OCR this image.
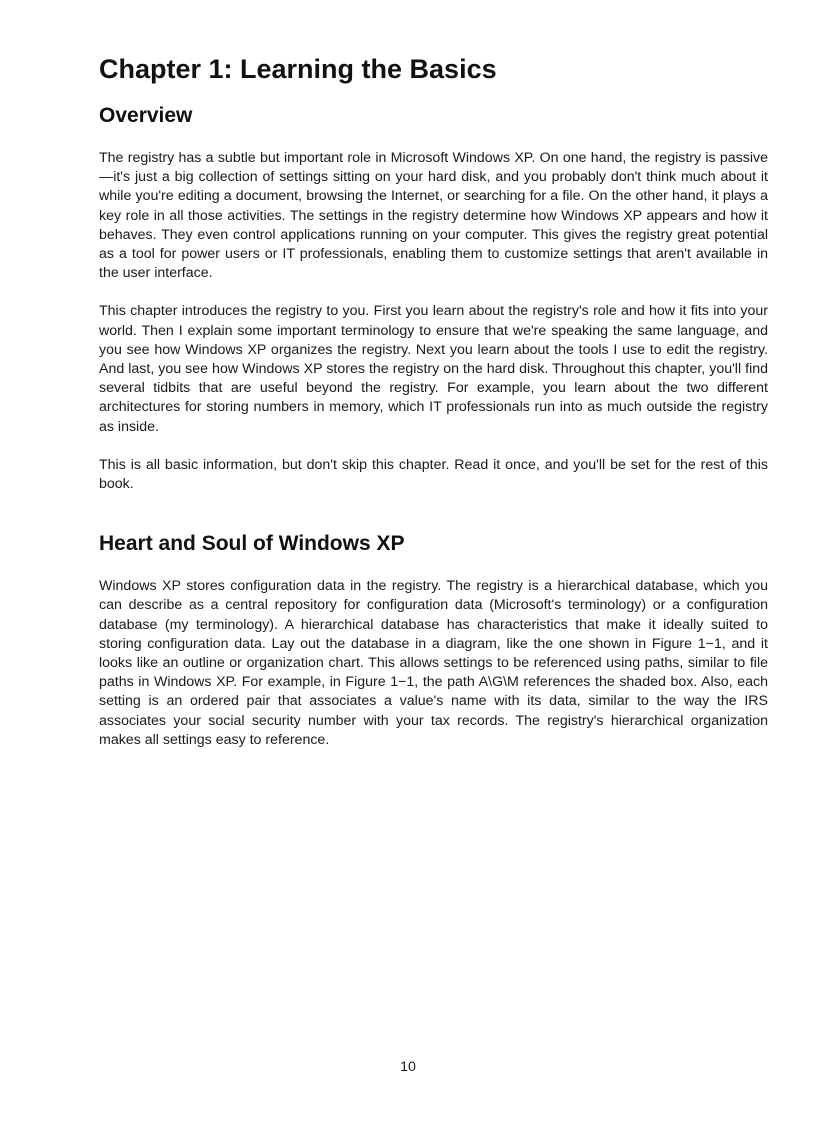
Chapter 1: Learning the Basics
Overview

The registry has a subtle but important role in Microsoft Windows XP. On one hand, the registry is passive—it's just a big collection of settings sitting on your hard disk, and you probably don't think much about it while you're editing a document, browsing the Internet, or searching for a file. On the other hand, it plays a key role in all those activities. The settings in the registry determine how Windows XP appears and how it behaves. They even control applications running on your computer. This gives the registry great potential as a tool for power users or IT professionals, enabling them to customize settings that aren't available in the user interface.

This chapter introduces the registry to you. First you learn about the registry's role and how it fits into your world. Then I explain some important terminology to ensure that we're speaking the same language, and you see how Windows XP organizes the registry. Next you learn about the tools I use to edit the registry. And last, you see how Windows XP stores the registry on the hard disk. Throughout this chapter, you'll find several tidbits that are useful beyond the registry. For example, you learn about the two different architectures for storing numbers in memory, which IT professionals run into as much outside the registry as inside.

This is all basic information, but don't skip this chapter. Read it once, and you'll be set for the rest of this book.

Heart and Soul of Windows XP

Windows XP stores configuration data in the registry. The registry is a hierarchical database, which you can describe as a central repository for configuration data (Microsoft's terminology) or a configuration database (my terminology). A hierarchical database has characteristics that make it ideally suited to storing configuration data. Lay out the database in a diagram, like the one shown in Figure 1−1, and it looks like an outline or organization chart. This allows settings to be referenced using paths, similar to file paths in Windows XP. For example, in Figure 1−1, the path A\G\M references the shaded box. Also, each setting is an ordered pair that associates a value's name with its data, similar to the way the IRS associates your social security number with your tax records. The registry's hierarchical organization makes all settings easy to reference.

10
